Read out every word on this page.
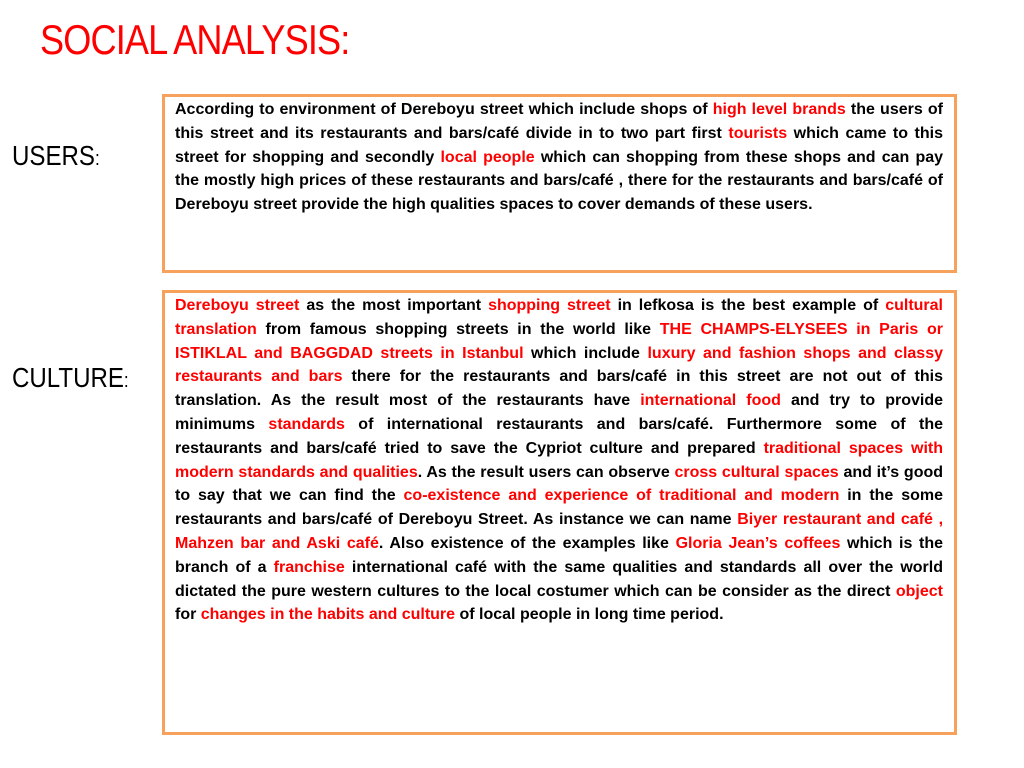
SOCIAL ANALYSIS:
USERS:
CULTURE:

According to environment of Dereboyu street which include shops of high level brands the users of this street and its restaurants and bars/café divide in to two part first tourists which came to this street for shopping and secondly local people which can shopping from these shops and can pay the mostly high prices of these restaurants and bars/café , there for the restaurants and bars/café of Dereboyu street provide the high qualities spaces to cover demands of these users.

Dereboyu street as the most important shopping street in lefkosa is the best example of cultural translation from famous shopping streets in the world like THE CHAMPS-ELYSEES in Paris or ISTIKLAL and BAGGDAD streets in Istanbul which include luxury and fashion shops and classy restaurants and bars there for the restaurants and bars/café in this street are not out of this translation. As the result most of the restaurants have international food and try to provide minimums standards of international restaurants and bars/café. Furthermore some of the restaurants and bars/café tried to save the Cypriot culture and prepared traditional spaces with modern standards and qualities. As the result users can observe cross cultural spaces and it’s good to say that we can find the co-existence and experience of traditional and modern in the some restaurants and bars/café of Dereboyu Street. As instance we can name Biyer restaurant and café , Mahzen bar and Aski café. Also existence of the examples like Gloria Jean’s coffees which is the branch of a franchise international café with the same qualities and standards all over the world dictated the pure western cultures to the local costumer which can be consider as the direct object for changes in the habits and culture of local people in long time period.
